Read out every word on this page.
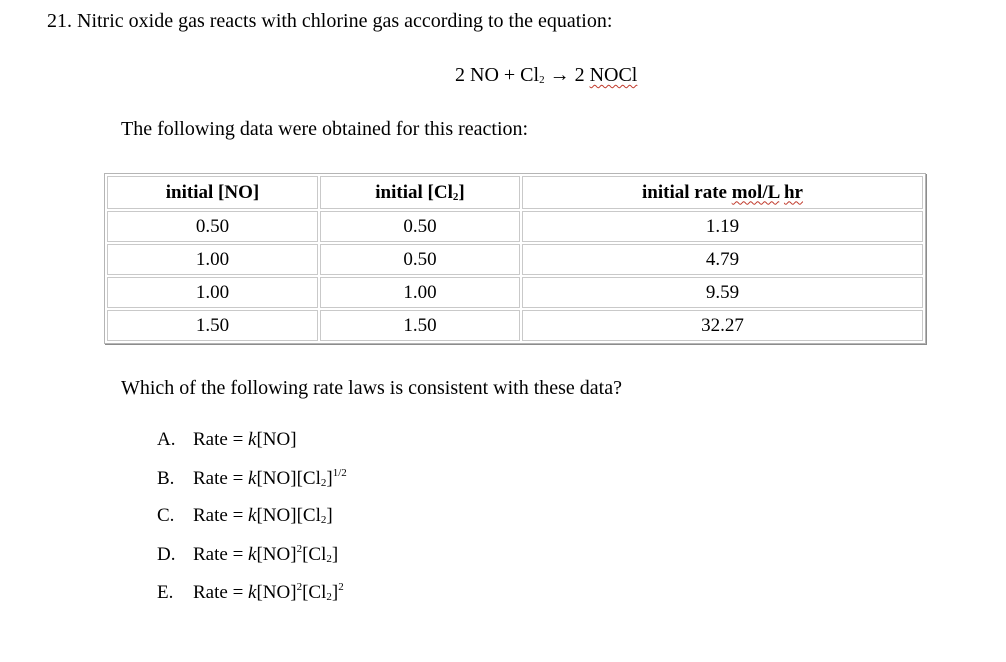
21. Nitric oxide gas reacts with chlorine gas according to the equation:
2 NO + $Cl_2 \to 2$ NOCl
The following data were obtained for this reaction:
initial [NO]	initial $[Cl_2]$	initial rate mol/L hr
0.50	0.50	1.19
1.00	0.50	4.79
1.00	1.00	9.59
1.50	1.50	32.27
Which of the following rate laws is consistent with these data?
A. Rate = k[NO]
B. Rate = $k[NO][Cl_2]^{1/2}$
C. Rate = $k[NO][Cl_2]$
D. Rate = $k[NO]^2[Cl_2]$
E. Rate = $k[NO]^2[Cl_2]^2$
